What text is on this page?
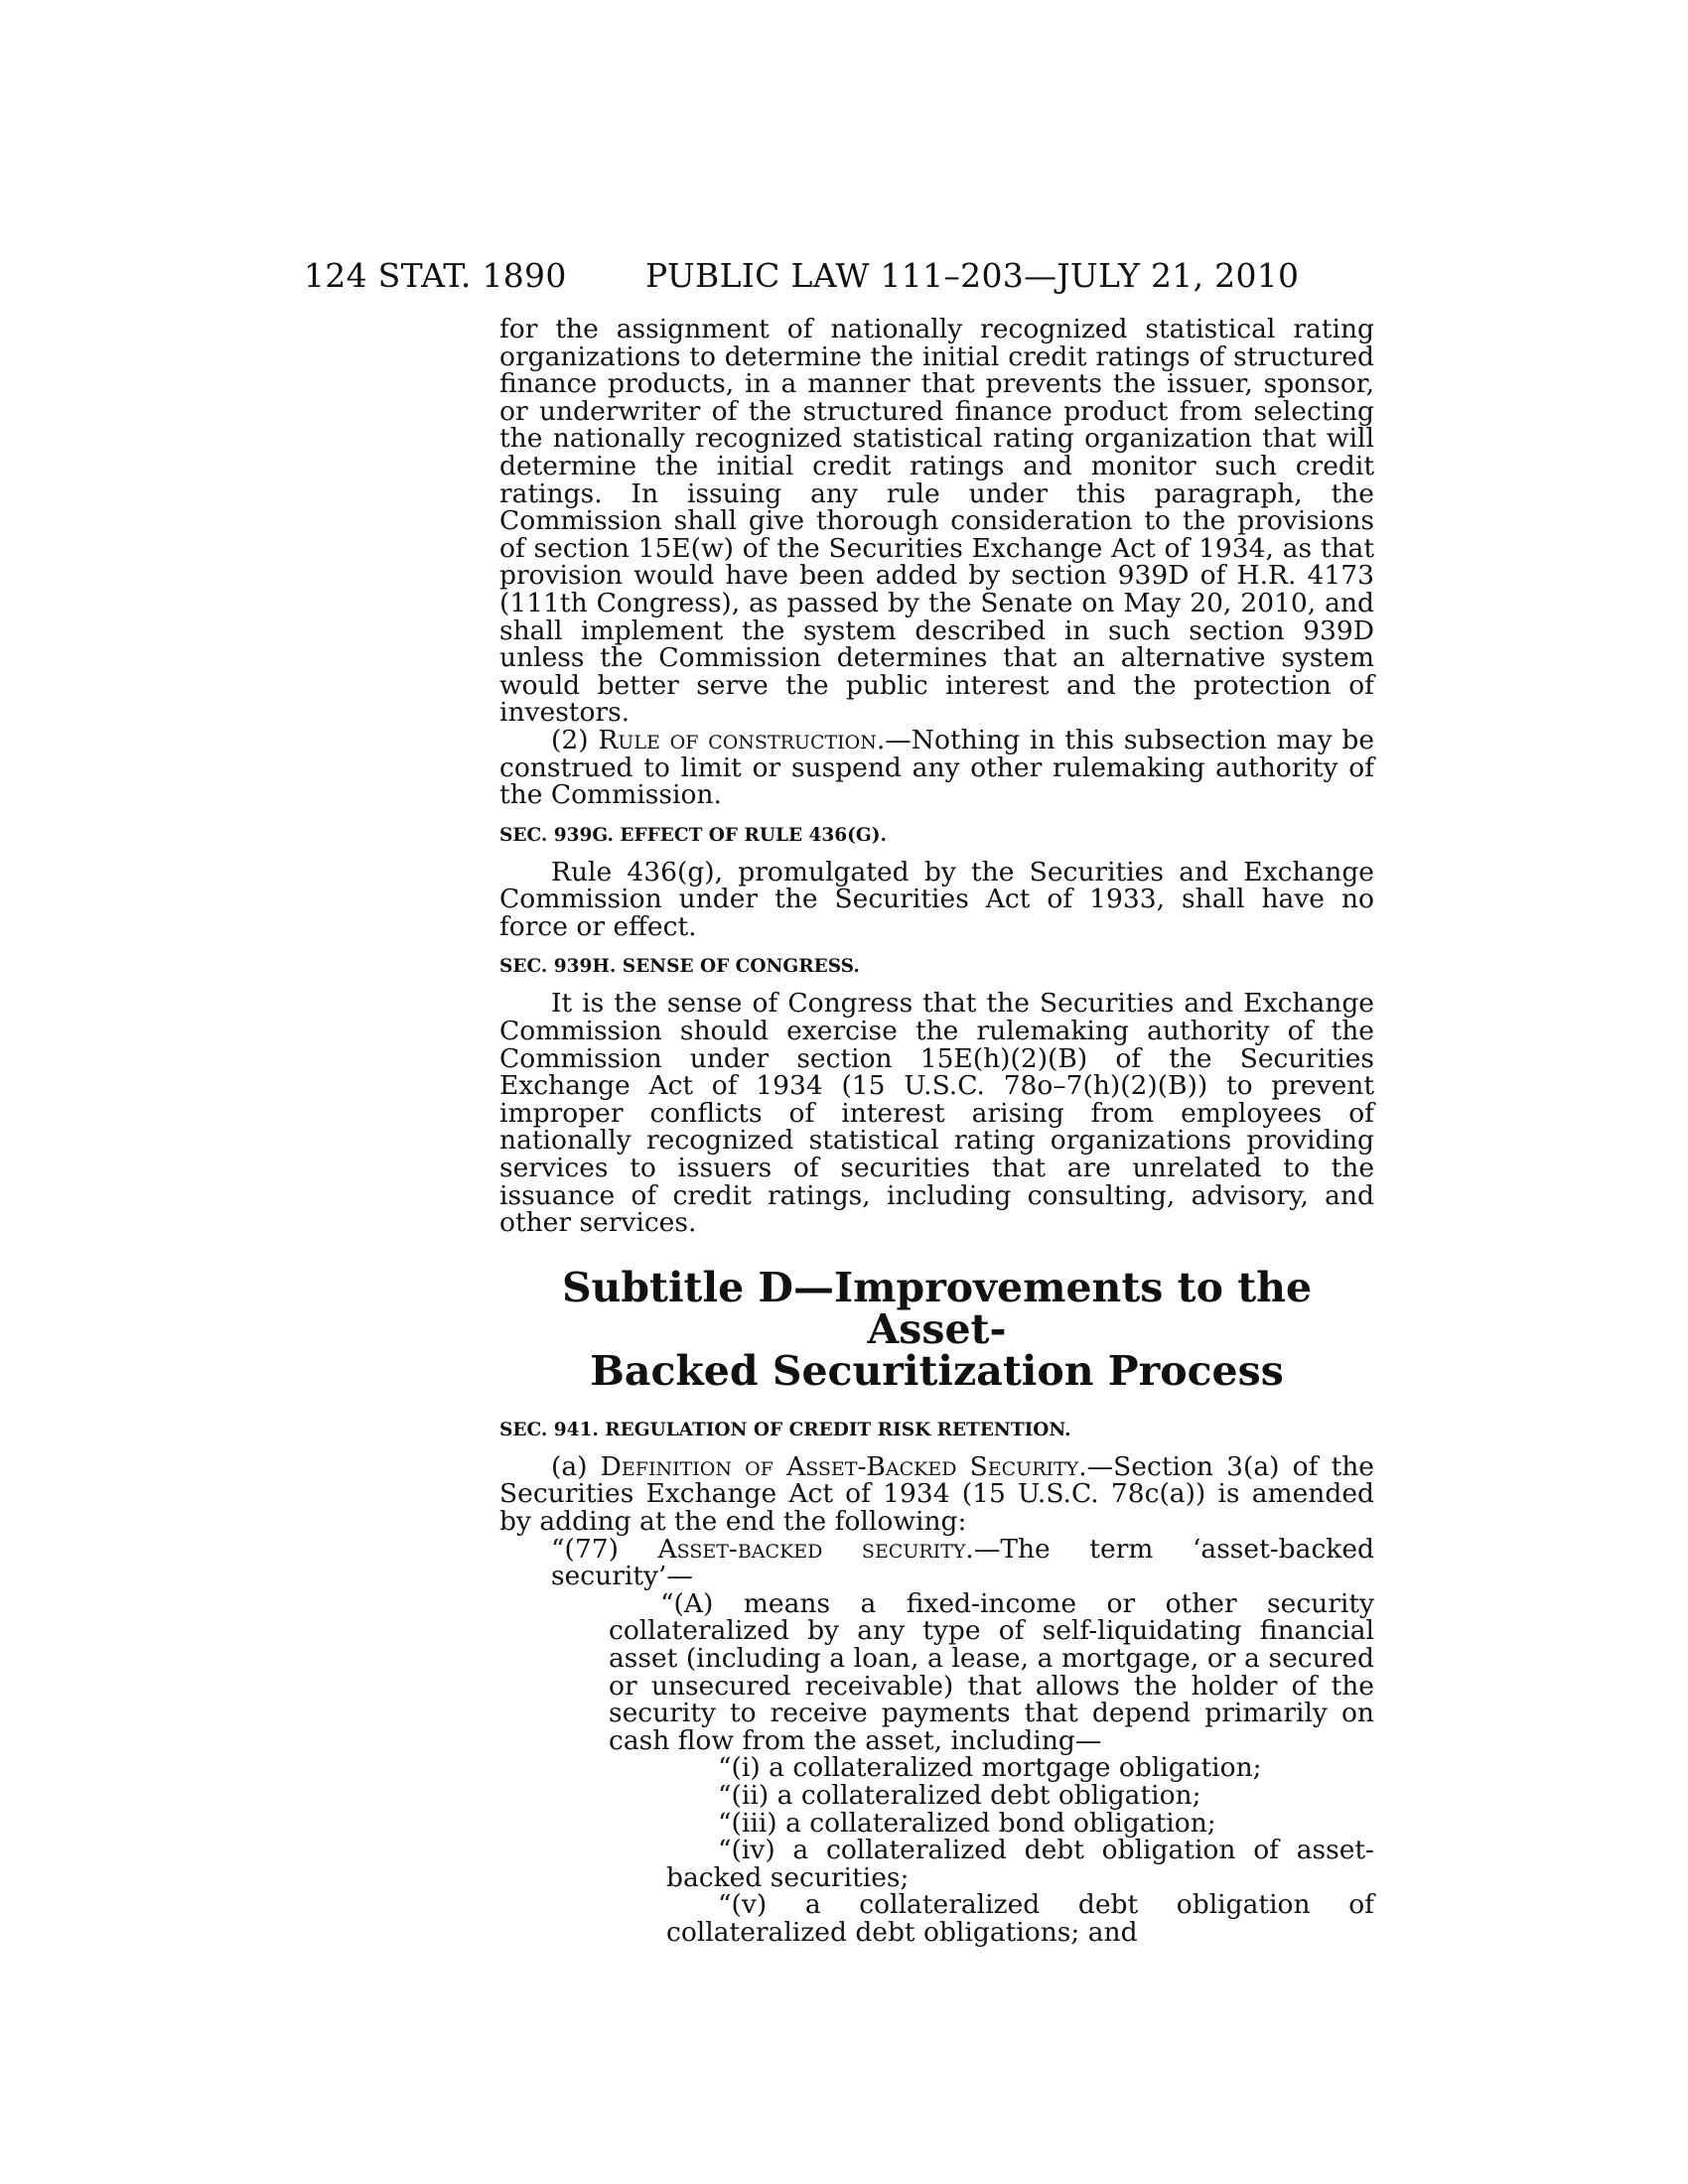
124 STAT. 1890 PUBLIC LAW 111–203—JULY 21, 2010

for the assignment of nationally recognized statistical rating organizations to determine the initial credit ratings of structured finance products, in a manner that prevents the issuer, sponsor, or underwriter of the structured finance product from selecting the nationally recognized statistical rating organization that will determine the initial credit ratings and monitor such credit ratings. In issuing any rule under this paragraph, the Commission shall give thorough consideration to the provisions of section 15E(w) of the Securities Exchange Act of 1934, as that provision would have been added by section 939D of H.R. 4173 (111th Congress), as passed by the Senate on May 20, 2010, and shall implement the system described in such section 939D unless the Commission determines that an alternative system would better serve the public interest and the protection of investors.

(2) Rule of construction.—Nothing in this subsection may be construed to limit or suspend any other rulemaking authority of the Commission.

SEC. 939G. EFFECT OF RULE 436(G).

Rule 436(g), promulgated by the Securities and Exchange Commission under the Securities Act of 1933, shall have no force or effect.

SEC. 939H. SENSE OF CONGRESS.

It is the sense of Congress that the Securities and Exchange Commission should exercise the rulemaking authority of the Commission under section 15E(h)(2)(B) of the Securities Exchange Act of 1934 (15 U.S.C. 78o–7(h)(2)(B)) to prevent improper conflicts of interest arising from employees of nationally recognized statistical rating organizations providing services to issuers of securities that are unrelated to the issuance of credit ratings, including consulting, advisory, and other services.

Subtitle D—Improvements to the Asset-
Backed Securitization Process
SEC. 941. REGULATION OF CREDIT RISK RETENTION.

(a) Definition of Asset-Backed Security.—Section 3(a) of the Securities Exchange Act of 1934 (15 U.S.C. 78c(a)) is amended by adding at the end the following:

“(77) Asset-backed security.—The term ‘asset-backed security’—

“(A) means a fixed-income or other security collateralized by any type of self-liquidating financial asset (including a loan, a lease, a mortgage, or a secured or unsecured receivable) that allows the holder of the security to receive payments that depend primarily on cash flow from the asset, including—

“(i) a collateralized mortgage obligation;

“(ii) a collateralized debt obligation;

“(iii) a collateralized bond obligation;

“(iv) a collateralized debt obligation of asset-backed securities;

“(v) a collateralized debt obligation of collateralized debt obligations; and
